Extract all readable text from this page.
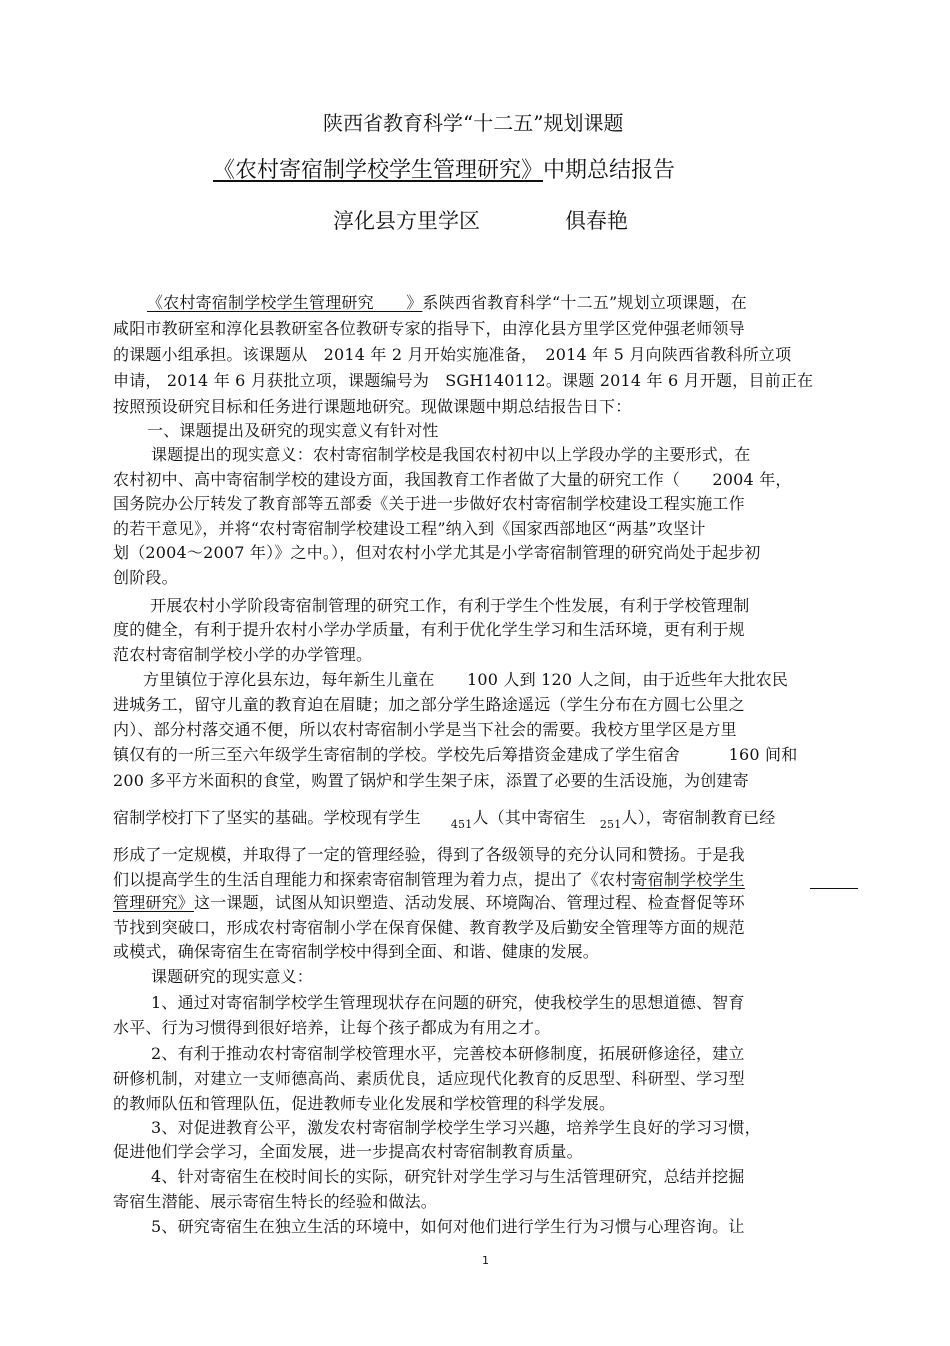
陕西省教育科学“十二五”规划课题
《农村寄宿制学校学生管理研究》中期总结报告
淳化县方里学区	俱春艳
《农村寄宿制学校学生管理研究　　》系陕西省教育科学“十二五”规划立项课题，在
咸阳市教研室和淳化县教研室各位教研专家的指导下，由淳化县方里学区党仲强老师领导
的课题小组承担。该课题从　2014 年 2 月开始实施准备，　2014 年 5 月向陕西省教科所立项
申请， 2014 年 6 月获批立项，课题编号为　SGH140112。课题 2014 年 6 月开题，目前正在
按照预设研究目标和任务进行课题地研究。现做课题中期总结报告日下：
一、课题提出及研究的现实意义有针对性
课题提出的现实意义：农村寄宿制学校是我国农村初中以上学段办学的主要形式，在
农村初中、高中寄宿制学校的建设方面，我国教育工作者做了大量的研究工作（　　2004 年，
国务院办公厅转发了教育部等五部委《关于进一步做好农村寄宿制学校建设工程实施工作
的若干意见》，并将“农村寄宿制学校建设工程”纳入到《国家西部地区“两基”攻坚计
划（2004～2007 年）》之中。），但对农村小学尤其是小学寄宿制管理的研究尚处于起步初
创阶段。
开展农村小学阶段寄宿制管理的研究工作，有利于学生个性发展，有利于学校管理制
度的健全，有利于提升农村小学办学质量，有利于优化学生学习和生活环境，更有利于规
范农村寄宿制学校小学的办学管理。
方里镇位于淳化县东边，每年新生儿童在　　100 人到 120 人之间，由于近些年大批农民
进城务工，留守儿童的教育迫在眉睫；加之部分学生路途遥远（学生分布在方圆七公里之
内）、部分村落交通不便，所以农村寄宿制小学是当下社会的需要。我校方里学区是方里
镇仅有的一所三至六年级学生寄宿制的学校。学校先后筹措资金建成了学生宿舍　　　160 间和
200 多平方米面积的食堂，购置了锅炉和学生架子床，添置了必要的生活设施，为创建寄
宿制学校打下了坚实的基础。学校现有学生	$_{451}$人（其中寄宿生 $_{251}$人），寄宿制教育已经
形成了一定规模，并取得了一定的管理经验，得到了各级领导的充分认同和赞扬。于是我
们以提高学生的生活自理能力和探索寄宿制管理为着力点，提出了《农村寄宿制学校学生
管理研究》这一课题，试图从知识塑造、活动发展、环境陶冶、管理过程、检查督促等环
节找到突破口，形成农村寄宿制小学在保育保健、教育教学及后勤安全管理等方面的规范
或模式，确保寄宿生在寄宿制学校中得到全面、和谐、健康的发展。
课题研究的现实意义：
1、通过对寄宿制学校学生管理现状存在问题的研究，使我校学生的思想道德、智育
水平、行为习惯得到很好培养，让每个孩子都成为有用之才。
2、有利于推动农村寄宿制学校管理水平，完善校本研修制度，拓展研修途径，建立
研修机制，对建立一支师德高尚、素质优良，适应现代化教育的反思型、科研型、学习型
的教师队伍和管理队伍，促进教师专业化发展和学校管理的科学发展。
3、对促进教育公平，激发农村寄宿制学校学生学习兴趣，培养学生良好的学习习惯，
促进他们学会学习，全面发展，进一步提高农村寄宿制教育质量。
4、针对寄宿生在校时间长的实际，研究针对学生学习与生活管理研究，总结并挖掘
寄宿生潜能、展示寄宿生特长的经验和做法。
5、研究寄宿生在独立生活的环境中，如何对他们进行学生行为习惯与心理咨询。让
1
